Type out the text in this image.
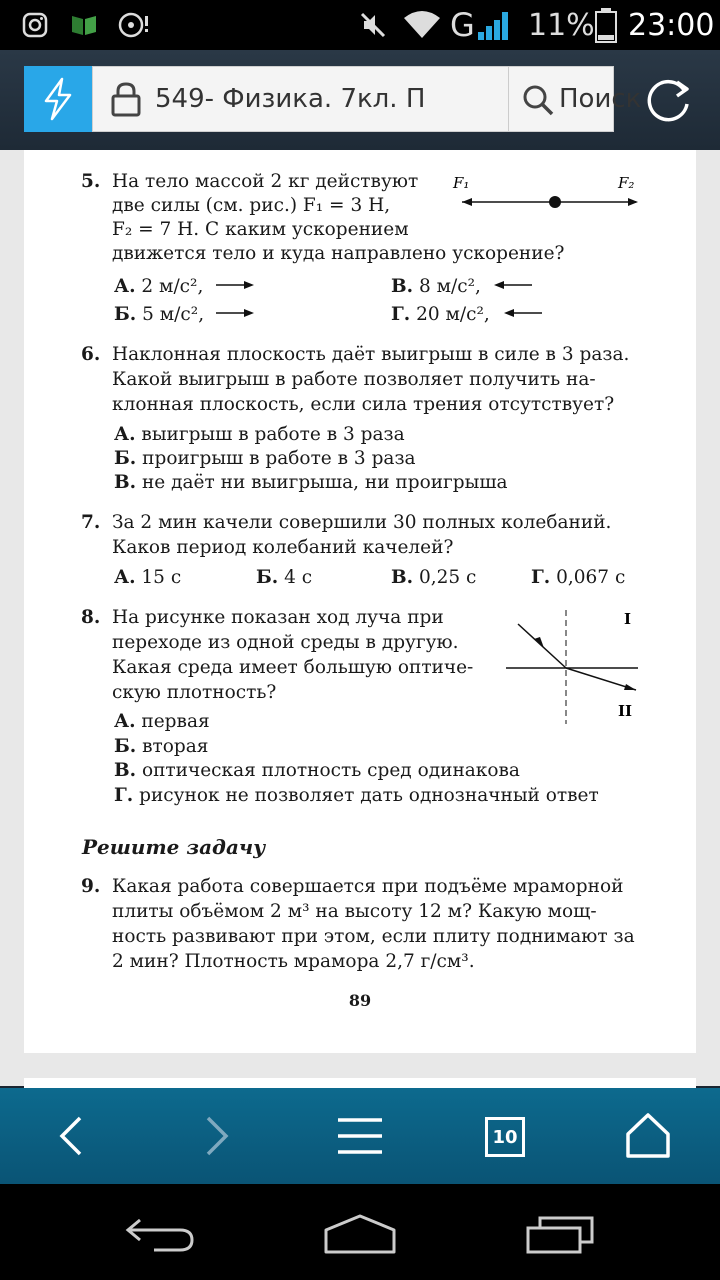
G 11% 23:00
549- Физика. 7кл. П	Поиск
5. На тело массой 2 кг действуют
две силы (см. рис.) F₁ = 3 Н,
F₂ = 7 Н. С каким ускорением
движется тело и куда направлено ускорение?
F₁	F₂
А. 2 м/с²,	В. 8 м/с²,
Б. 5 м/с²,	Г. 20 м/с²,
6. Наклонная плоскость даёт выигрыш в силе в 3 раза.
Какой выигрыш в работе позволяет получить на-
клонная плоскость, если сила трения отсутствует?
А. выигрыш в работе в 3 раза
Б. проигрыш в работе в 3 раза
В. не даёт ни выигрыша, ни проигрыша
7. За 2 мин качели совершили 30 полных колебаний.
Каков период колебаний качелей?
А. 15 с	Б. 4 с	В. 0,25 с	Г. 0,067 с
8. На рисунке показан ход луча при
переходе из одной среды в другую.
Какая среда имеет большую оптиче-
скую плотность?
I
II
А. первая
Б. вторая
В. оптическая плотность сред одинакова
Г. рисунок не позволяет дать однозначный ответ
Решите задачу
9. Какая работа совершается при подъёме мраморной
плиты объёмом 2 м³ на высоту 12 м? Какую мощ-
ность развивают при этом, если плиту поднимают за
2 мин? Плотность мрамора 2,7 г/см³.
89
10
